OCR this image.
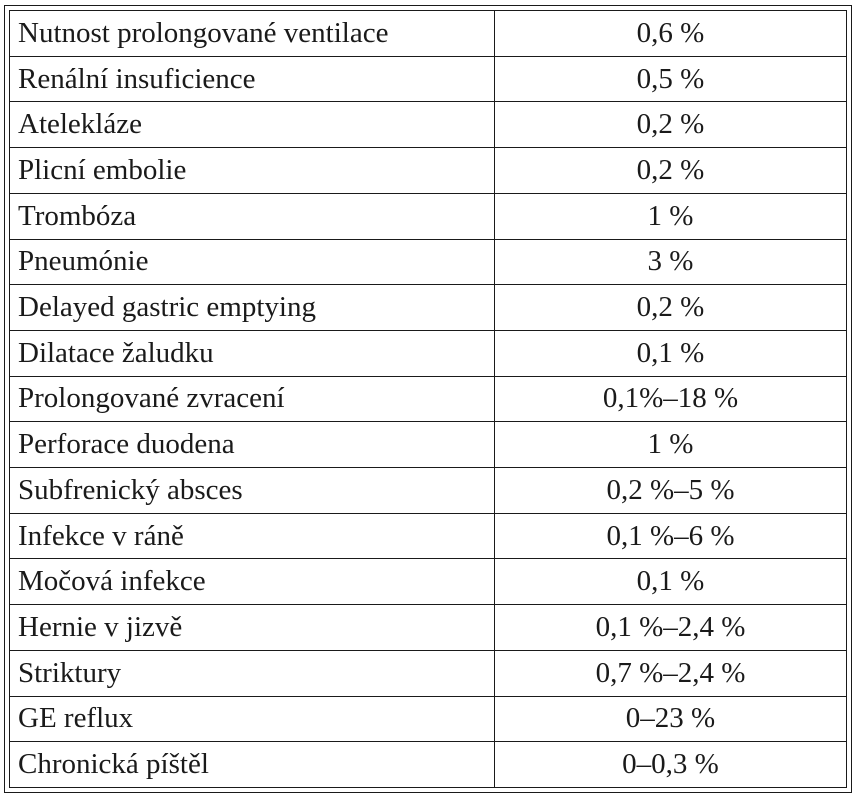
Nutnost prolongované ventilace	0,6 %
Renální insuficience	0,5 %
Atelekláze	0,2 %
Plicní embolie	0,2 %
Trombóza	1 %
Pneumónie	3 %
Delayed gastric emptying	0,2 %
Dilatace žaludku	0,1 %
Prolongované zvracení	0,1%–18 %
Perforace duodena	1 %
Subfrenický absces	0,2 %–5 %
Infekce v ráně	0,1 %–6 %
Močová infekce	0,1 %
Hernie v jizvě	0,1 %–2,4 %
Striktury	0,7 %–2,4 %
GE reflux	0–23 %
Chronická píštěl	0–0,3 %
